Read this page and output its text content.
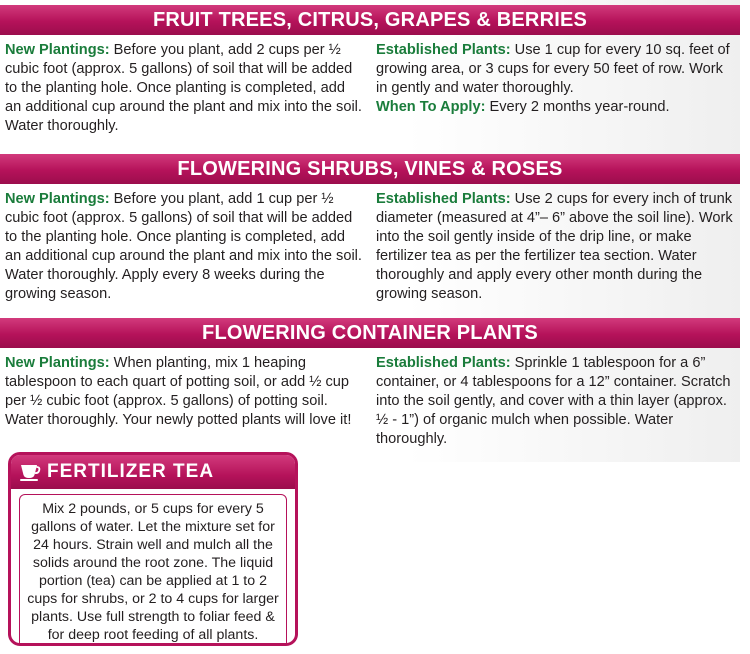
FRUIT TREES, CITRUS, GRAPES & BERRIES
New Plantings: Before you plant, add 2 cups per ½ cubic foot (approx. 5 gallons) of soil that will be added to the planting hole. Once planting is completed, add an additional cup around the plant and mix into the soil. Water thoroughly.
Established Plants: Use 1 cup for every 10 sq. feet of growing area, or 3 cups for every 50 feet of row. Work in gently and water thoroughly.
When To Apply: Every 2 months year-round.
FLOWERING SHRUBS, VINES & ROSES
New Plantings: Before you plant, add 1 cup per ½ cubic foot (approx. 5 gallons) of soil that will be added to the planting hole. Once planting is completed, add an additional cup around the plant and mix into the soil. Water thoroughly. Apply every 8 weeks during the growing season.
Established Plants: Use 2 cups for every inch of trunk diameter (measured at 4”– 6” above the soil line). Work into the soil gently inside of the drip line, or make fertilizer tea as per the fertilizer tea section. Water thoroughly and apply every other month during the growing season.
FLOWERING CONTAINER PLANTS
New Plantings: When planting, mix 1 heaping tablespoon to each quart of potting soil, or add ½ cup per ½ cubic foot (approx. 5 gallons) of potting soil. Water thoroughly. Your newly potted plants will love it!
Established Plants: Sprinkle 1 tablespoon for a 6” container, or 4 tablespoons for a 12” container. Scratch into the soil gently, and cover with a thin layer (approx. ½ - 1”) of organic mulch when possible. Water thoroughly.
FERTILIZER TEA
Mix 2 pounds, or 5 cups for every 5 gallons of water. Let the mixture set for 24 hours. Strain well and mulch all the solids around the root zone. The liquid portion (tea) can be applied at 1 to 2 cups for shrubs, or 2 to 4 cups for larger plants. Use full strength to foliar feed & for deep root feeding of all plants.
